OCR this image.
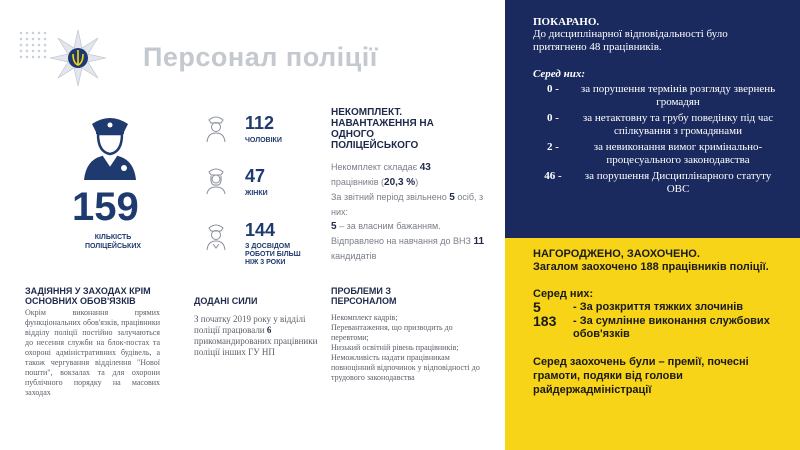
Персонал поліції
159
КІЛЬКІСТЬ ПОЛІЦЕЙСЬКИХ
112
ЧОЛОВІКИ
47
ЖІНКИ
144
З ДОСВІДОМ РОБОТИ БІЛЬШ НІЖ 3 РОКИ
НЕКОМПЛЕКТ. НАВАНТАЖЕННЯ НА ОДНОГО ПОЛІЦЕЙСЬКОГО
Некомплект складає 43
працівників (20,3 %)
За звітний період звільнено 5 осіб, з них:
5 – за власним бажанням.
Відправлено на навчання до ВНЗ 11 кандидатів
ЗАДІЯННЯ У ЗАХОДАХ КРІМ ОСНОВНИХ ОБОВ'ЯЗКІВ
Окрім виконання прямих функціональних обов'язків, працівники відділу поліції постійно залучаються до несення служби на блок-постах та охороні адміністративних будівель, а також чергування відділення "Нової пошти", вокзалах та для охорони публічного порядку на масових заходах
ДОДАНІ СИЛИ
З початку 2019 року у відділі поліції працювали 6 прикомандированих працівники поліції інших ГУ НП
ПРОБЛЕМИ З ПЕРСОНАЛОМ
Некомплект кадрів;
Перевантаження, що призводить до перевтоми;
Низький освітній рівень працівників;
Неможливість надати працівникам повноцінний відпочинок у відповідності до трудового законодавства
ПОКАРАНО.
До дисциплінарної відповідальності було притягнено 48 працівників.
Серед них:
0 -	за порушення термінів розгляду звернень громадян
0 -	за нетактовну та грубу поведінку під час спілкування з громадянами
2 -	за невиконання вимог кримінально-процесуального законодавства
46 -	за порушення Дисциплінарного статуту ОВС
НАГОРОДЖЕНО, ЗАОХОЧЕНО.
Загалом заохочено 188 працівників поліції.
Серед них:
5	- За розкриття тяжких злочинів
183	- За сумлінне виконання службових обов'язків
Серед заохочень були – премії, почесні грамоти, подяки від голови райдержадміністрації
